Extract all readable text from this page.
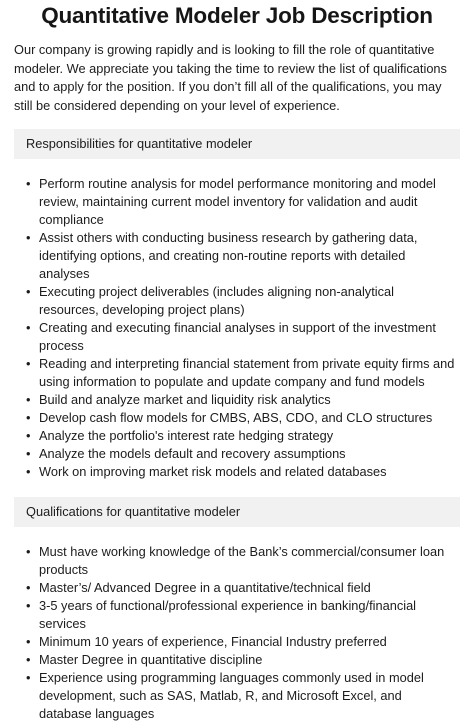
Quantitative Modeler Job Description

Our company is growing rapidly and is looking to fill the role of quantitative modeler. We appreciate you taking the time to review the list of qualifications and to apply for the position. If you don’t fill all of the qualifications, you may still be considered depending on your level of experience.

Responsibilities for quantitative modeler
• Perform routine analysis for model performance monitoring and model review, maintaining current model inventory for validation and audit compliance
• Assist others with conducting business research by gathering data, identifying options, and creating non-routine reports with detailed analyses
• Executing project deliverables (includes aligning non-analytical resources, developing project plans)
• Creating and executing financial analyses in support of the investment process
• Reading and interpreting financial statement from private equity firms and using information to populate and update company and fund models
• Build and analyze market and liquidity risk analytics
• Develop cash flow models for CMBS, ABS, CDO, and CLO structures
• Analyze the portfolio's interest rate hedging strategy
• Analyze the models default and recovery assumptions
• Work on improving market risk models and related databases
Qualifications for quantitative modeler
• Must have working knowledge of the Bank’s commercial/consumer loan products
• Master’s/ Advanced Degree in a quantitative/technical field
• 3-5 years of functional/professional experience in banking/financial services
• Minimum 10 years of experience, Financial Industry preferred
• Master Degree in quantitative discipline
• Experience using programming languages commonly used in model development, such as SAS, Matlab, R, and Microsoft Excel, and database languages
